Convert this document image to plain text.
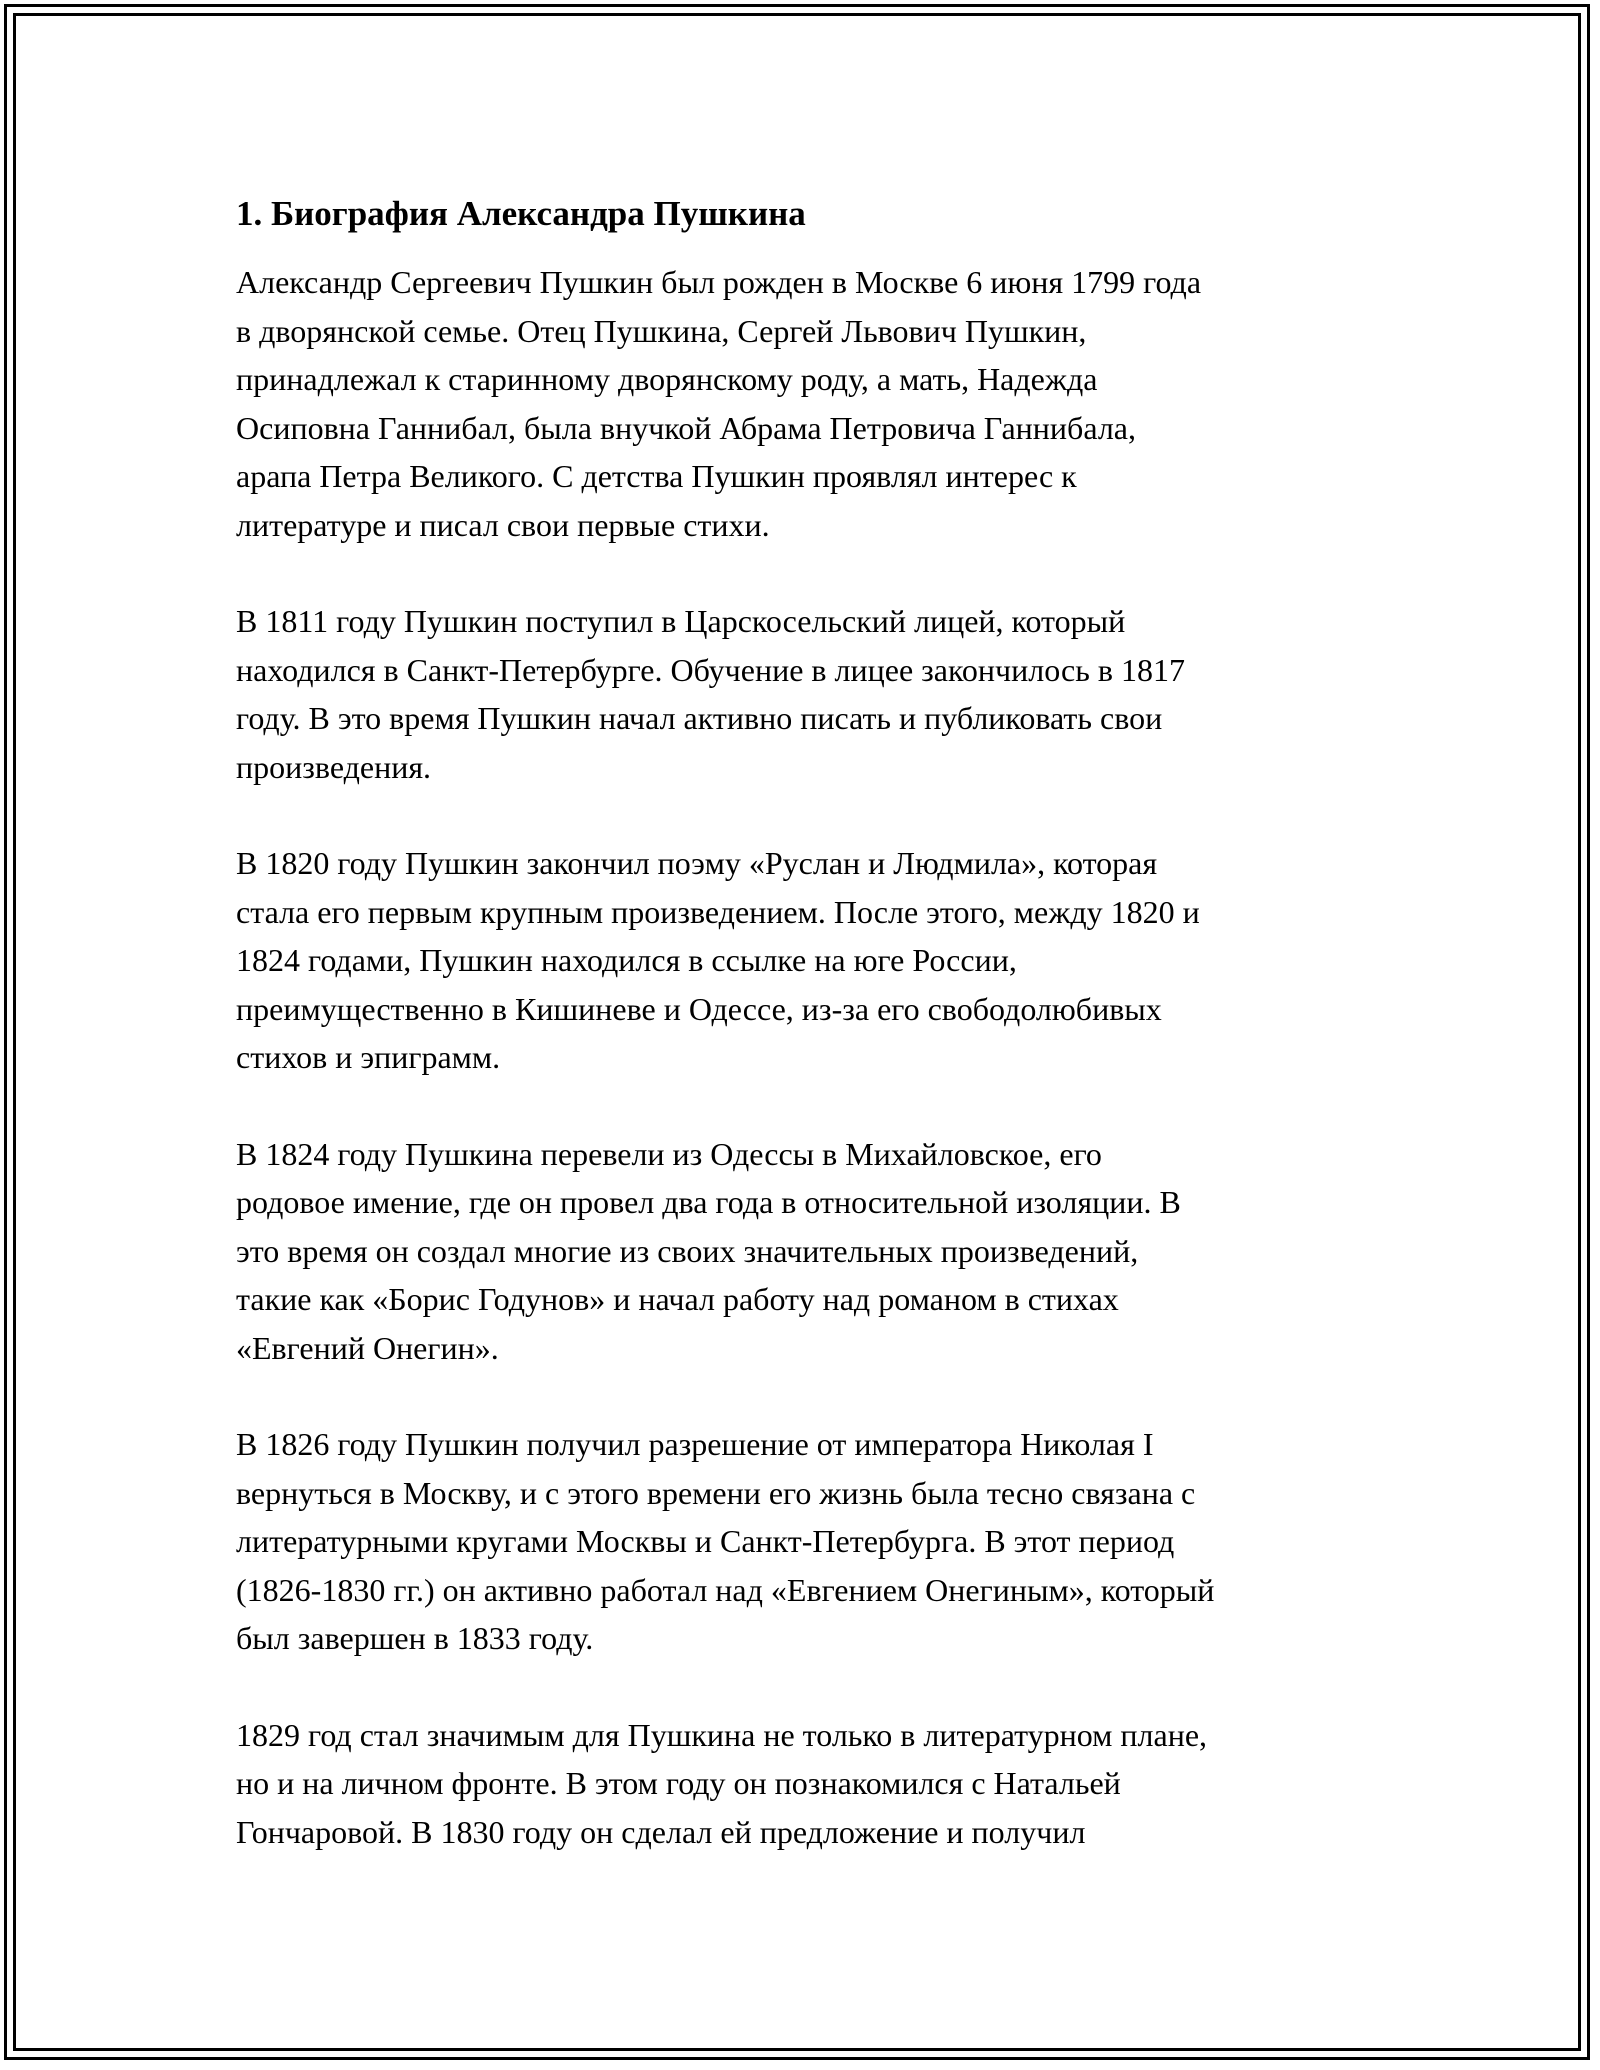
1. Биография Александра Пушкина

Александр Сергеевич Пушкин был рожден в Москве 6 июня 1799 года
в дворянской семье. Отец Пушкина, Сергей Львович Пушкин,
принадлежал к старинному дворянскому роду, а мать, Надежда
Осиповна Ганнибал, была внучкой Абрама Петровича Ганнибала,
арапа Петра Великого. С детства Пушкин проявлял интерес к
литературе и писал свои первые стихи.

В 1811 году Пушкин поступил в Царскосельский лицей, который
находился в Санкт-Петербурге. Обучение в лицее закончилось в 1817
году. В это время Пушкин начал активно писать и публиковать свои
произведения.

В 1820 году Пушкин закончил поэму «Руслан и Людмила», которая
стала его первым крупным произведением. После этого, между 1820 и
1824 годами, Пушкин находился в ссылке на юге России,
преимущественно в Кишиневе и Одессе, из-за его свободолюбивых
стихов и эпиграмм.

В 1824 году Пушкина перевели из Одессы в Михайловское, его
родовое имение, где он провел два года в относительной изоляции. В
это время он создал многие из своих значительных произведений,
такие как «Борис Годунов» и начал работу над романом в стихах
«Евгений Онегин».

В 1826 году Пушкин получил разрешение от императора Николая I
вернуться в Москву, и с этого времени его жизнь была тесно связана с
литературными кругами Москвы и Санкт-Петербурга. В этот период
(1826-1830 гг.) он активно работал над «Евгением Онегиным», который
был завершен в 1833 году.

1829 год стал значимым для Пушкина не только в литературном плане,
но и на личном фронте. В этом году он познакомился с Натальей
Гончаровой. В 1830 году он сделал ей предложение и получил
